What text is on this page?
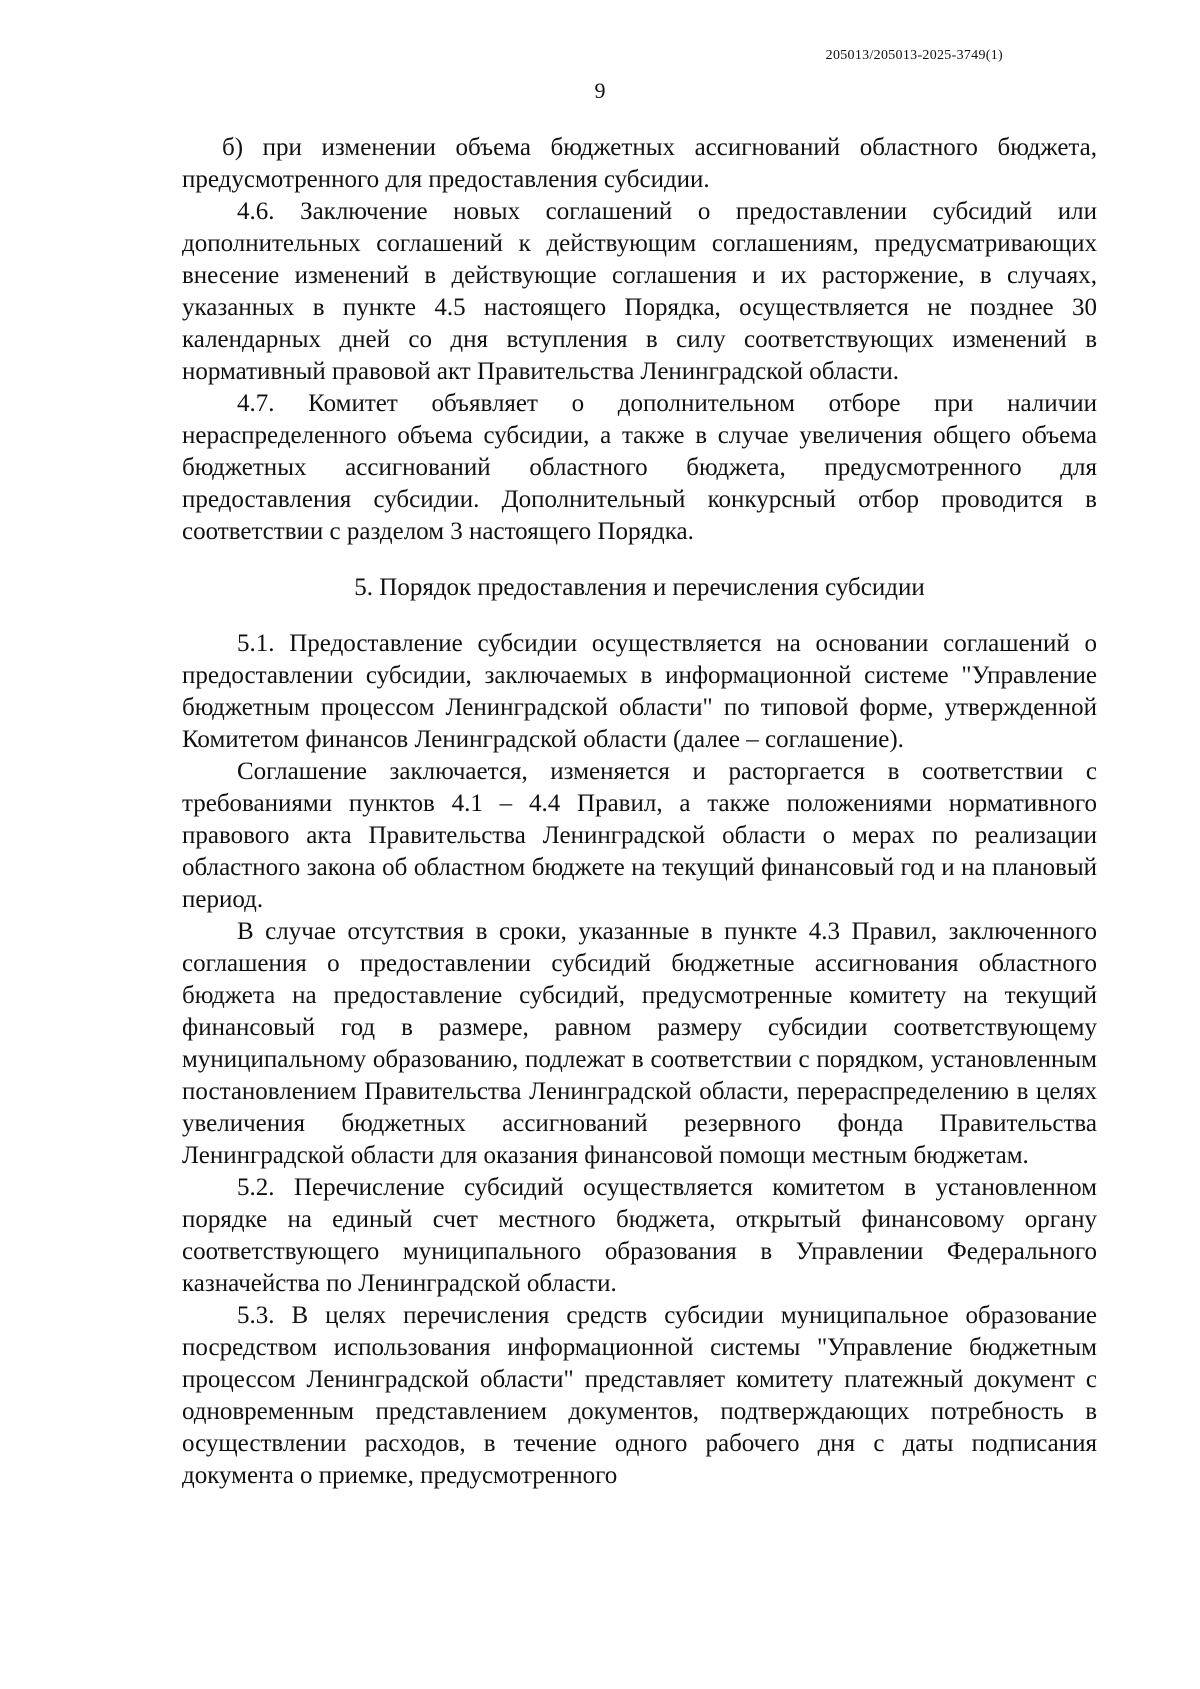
205013/205013-2025-3749(1)
9

б) при изменении объема бюджетных ассигнований областного бюджета, предусмотренного для предоставления субсидии.

4.6. Заключение новых соглашений о предоставлении субсидий или дополнительных соглашений к действующим соглашениям, предусматривающих внесение изменений в действующие соглашения и их расторжение, в случаях, указанных в пункте 4.5 настоящего Порядка, осуществляется не позднее 30 календарных дней со дня вступления в силу соответствующих изменений в нормативный правовой акт Правительства Ленинградской области.

4.7. Комитет объявляет о дополнительном отборе при наличии нераспределенного объема субсидии, а также в случае увеличения общего объема бюджетных ассигнований областного бюджета, предусмотренного для предоставления субсидии. Дополнительный конкурсный отбор проводится в соответствии с разделом 3 настоящего Порядка.

5. Порядок предоставления и перечисления субсидии

5.1. Предоставление субсидии осуществляется на основании соглашений о предоставлении субсидии, заключаемых в информационной системе "Управление бюджетным процессом Ленинградской области" по типовой форме, утвержденной Комитетом финансов Ленинградской области (далее – соглашение).

Соглашение заключается, изменяется и расторгается в соответствии с требованиями пунктов 4.1 – 4.4 Правил, а также положениями нормативного правового акта Правительства Ленинградской области о мерах по реализации областного закона об областном бюджете на текущий финансовый год и на плановый период.

В случае отсутствия в сроки, указанные в пункте 4.3 Правил, заключенного соглашения о предоставлении субсидий бюджетные ассигнования областного бюджета на предоставление субсидий, предусмотренные комитету на текущий финансовый год в размере, равном размеру субсидии соответствующему муниципальному образованию, подлежат в соответствии с порядком, установленным постановлением Правительства Ленинградской области, перераспределению в целях увеличения бюджетных ассигнований резервного фонда Правительства Ленинградской области для оказания финансовой помощи местным бюджетам.

5.2. Перечисление субсидий осуществляется комитетом в установленном порядке на единый счет местного бюджета, открытый финансовому органу соответствующего муниципального образования в Управлении Федерального казначейства по Ленинградской области.

5.3. В целях перечисления средств субсидии муниципальное образование посредством использования информационной системы "Управление бюджетным процессом Ленинградской области" представляет комитету платежный документ с одновременным представлением документов, подтверждающих потребность в осуществлении расходов, в течение одного рабочего дня с даты подписания документа о приемке, предусмотренного
